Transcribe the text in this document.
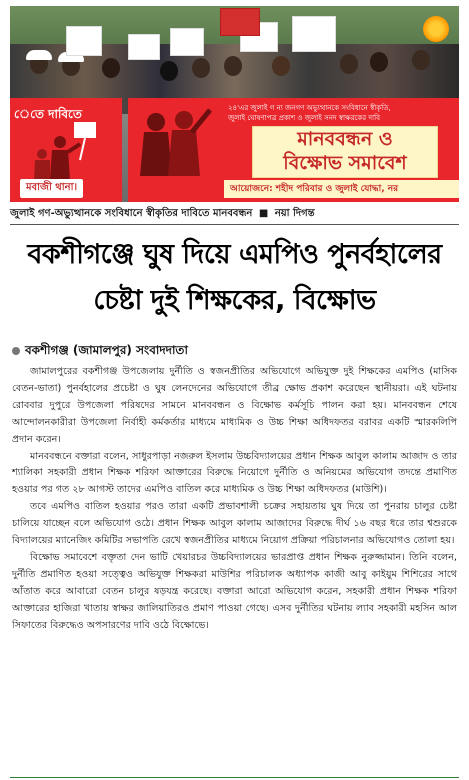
েতে দাবিতে
মবাজী থানা।
২৪'এর জুলাই গ ন্য জনগণ অভ্যুত্থানকে সংবিধানে স্বীকৃতি,
জুলাই ঘোষণাপত্র প্রকাশ ও জুলাই সনদ স্বাক্ষরকের দাবি
মানববন্ধন ও
বিক্ষোভ সমাবেশ
আয়োজনে: শহীদ পরিবার ও জুলাই যোদ্ধা, নর
জুলাই গণ-অভ্যুত্থানকে সংবিধানে স্বীকৃতির দাবিতে মানববন্ধন ■ নয়া দিগন্ত
বকশীগঞ্জে ঘুষ দিয়ে এমপিও পুনর্বহালের
চেষ্টা দুই শিক্ষকের, বিক্ষোভ
বকশীগঞ্জ (জামালপুর) সংবাদদাতা

জামালপুরের বকশীগঞ্জ উপজেলায় দুর্নীতি ও স্বজনপ্রীতির অভিযোগে অভিযুক্ত দুই শিক্ষকের এমপিও (মাসিক বেতন-ভাতা) পুনর্বহালের প্রচেষ্টা ও ঘুষ লেনদেনের অভিযোগে তীব্র ক্ষোভ প্রকাশ করেছেন স্থানীয়রা। এই ঘটনায় রোববার দুপুরে উপজেলা পরিষদের সামনে মানববন্ধন ও বিক্ষোভ কর্মসূচি পালন করা হয়। মানববন্ধন শেষে আন্দোলনকারীরা উপজেলা নির্বাহী কর্মকর্তার মাধ্যমে মাধ্যমিক ও উচ্চ শিক্ষা অধিদফতর বরাবর একটি স্মারকলিপি প্রদান করেন।

মানববন্ধনে বক্তারা বলেন, সাধুরপাড়া নজরুল ইসলাম উচ্চবিদ্যালয়ের প্রধান শিক্ষক আবুল কালাম আজাদ ও তার শ্যালিকা সহকারী প্রধান শিক্ষক শরিফা আক্তারের বিরুদ্ধে নিয়োগে দুর্নীতি ও অনিয়মের অভিযোগ তদন্তে প্রমাণিত হওয়ার পর গত ২৮ আগস্ট তাদের এমপিও বাতিল করে মাধ্যমিক ও উচ্চ শিক্ষা অধিদফতর (মাউশি)।

তবে এমপিও বাতিল হওয়ার পরও তারা একটি প্রভাবশালী চক্রের সহায়তায় ঘুষ দিয়ে তা পুনরায় চালুর চেষ্টা চালিয়ে যাচ্ছেন বলে অভিযোগ ওঠে। প্রধান শিক্ষক আবুল কালাম আজাদের বিরুদ্ধে দীর্ঘ ১৬ বছর ধরে তার শ্বশুরকে বিদ্যালয়ের ম্যানেজিং কমিটির সভাপতি রেখে স্বজনপ্রীতির মাধ্যমে নিয়োগ প্রক্রিয়া পরিচালনার অভিযোগও তোলা হয়।

বিক্ষোভ সমাবেশে বক্তৃতা দেন ভাটি খেয়ারচর উচ্চবিদ্যালয়ের ভারপ্রাপ্ত প্রধান শিক্ষক নুরুজ্জামান। তিনি বলেন, দুর্নীতি প্রমাণিত হওয়া সত্ত্বেও অভিযুক্ত শিক্ষকরা মাউশির পরিচালক অধ্যাপক কাজী আবু কাইয়ুম শিশিরের সাথে আঁতাত করে আবারো বেতন চালুর ষড়যন্ত্র করেছে। বক্তারা আরো অভিযোগ করেন, সহকারী প্রধান শিক্ষক শরিফা আক্তারের হাজিরা খাতায় স্বাক্ষর জালিয়াতিরও প্রমাণ পাওয়া গেছে। এসব দুর্নীতির ঘটনায় ল্যাব সহকারী মহসিন আল সিফাতের বিরুদ্ধেও অপসারণের দাবি ওঠে বিক্ষোভে।
